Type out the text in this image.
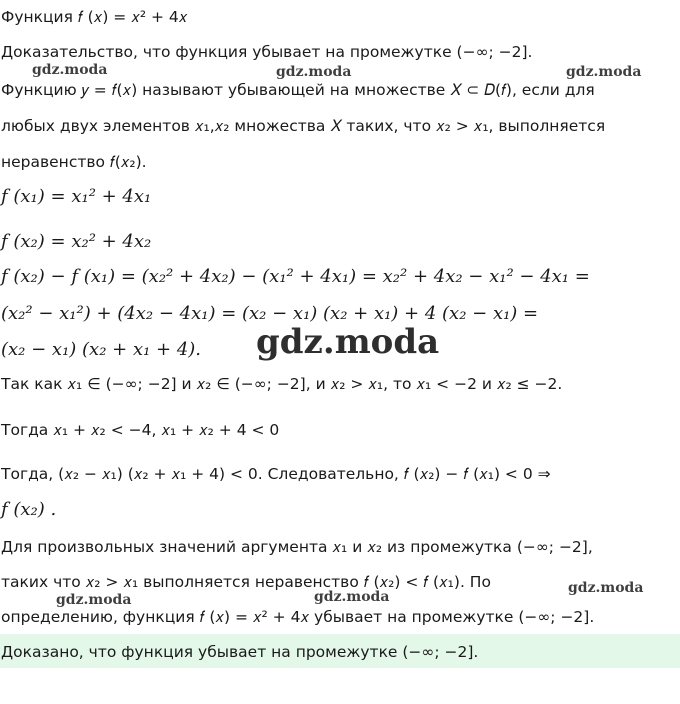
Функция 𝑓 (𝑥) = 𝑥² + 4𝑥
Доказательство, что функция убывает на промежутке (−∞; −2].
Функцию 𝑦 = 𝑓(𝑥) называют убывающей на множестве 𝑋 ⊂ 𝐷(𝑓), если для
любых двух элементов 𝑥₁,𝑥₂ множества 𝑋 таких, что 𝑥₂ > 𝑥₁, выполняется
неравенство 𝑓(𝑥₂).
𝑓 (𝑥₁) = 𝑥₁² + 4𝑥₁
𝑓 (𝑥₂) = 𝑥₂² + 4𝑥₂
𝑓 (𝑥₂) − 𝑓 (𝑥₁) = (𝑥₂² + 4𝑥₂) − (𝑥₁² + 4𝑥₁) = 𝑥₂² + 4𝑥₂ − 𝑥₁² − 4𝑥₁ =
(𝑥₂² − 𝑥₁²) + (4𝑥₂ − 4𝑥₁) = (𝑥₂ − 𝑥₁) (𝑥₂ + 𝑥₁) + 4 (𝑥₂ − 𝑥₁) =
(𝑥₂ − 𝑥₁) (𝑥₂ + 𝑥₁ + 4).
Так как 𝑥₁ ∈ (−∞; −2] и 𝑥₂ ∈ (−∞; −2], и 𝑥₂ > 𝑥₁, то 𝑥₁ < −2 и 𝑥₂ ≤ −2.
Тогда 𝑥₁ + 𝑥₂ < −4, 𝑥₁ + 𝑥₂ + 4 < 0
Тогда, (𝑥₂ − 𝑥₁) (𝑥₂ + 𝑥₁ + 4) < 0. Следовательно, 𝑓 (𝑥₂) − 𝑓 (𝑥₁) < 0 ⇒
𝑓 (𝑥₂) .
Для произвольных значений аргумента 𝑥₁ и 𝑥₂ из промежутка (−∞; −2],
таких что 𝑥₂ > 𝑥₁ выполняется неравенство 𝑓 (𝑥₂) < 𝑓 (𝑥₁). По
определению, функция 𝑓 (𝑥) = 𝑥² + 4𝑥 убывает на промежутке (−∞; −2].
Доказано, что функция убывает на промежутке (−∞; −2].
gdz.moda	gdz.moda	gdz.moda
gdz.moda
gdz.moda
gdz.moda	gdz.moda
